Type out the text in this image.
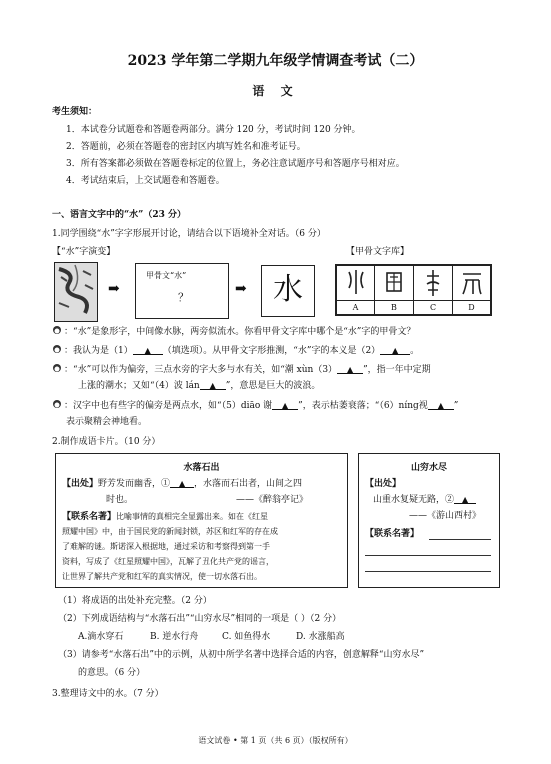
2023 学年第二学期九年级学情调查考试（二）
语 文
考生须知：
1．本试卷分试题卷和答题卷两部分。满分 120 分，考试时间 120 分钟。
2．答题前，必须在答题卷的密封区内填写姓名和准考证号。
3．所有答案都必须做在答题卷标定的位置上，务必注意试题序号和答题序号相对应。
4．考试结束后，上交试题卷和答题卷。
一、语言文字中的“水”（23 分）
1.同学围绕“水”字字形展开讨论，请结合以下语境补全对话。（6 分）
【“水”字演变】	【甲骨文字库】
➡
甲骨文“水”
？
➡ 水
A	B	C	D
：“水”是象形字，中间像水脉，两旁似流水。你看甲骨文字库中哪个是“水”字的甲骨文？
：我认为是（1） ▲ （填选项）。从甲骨文字形推测，“水”字的本义是（2） ▲ 。
：“水”可以作为偏旁，三点水旁的字大多与水有关，如“潮 xùn（3） ▲ ”，指一年中定期
上涨的潮水；又如“（4）波 lán ▲ ”，意思是巨大的波浪。
：汉字中也有些字的偏旁是两点水，如“（5）diāo 谢 ▲ ”，表示枯萎衰落；“（6）níng视 ▲ ”
表示聚精会神地看。
2.制作成语卡片。（10 分）
水落石出
【出处】野芳发而幽香，① ▲ ，水落而石出者，山间之四
时也。	——《醉翁亭记》
【联系名著】比喻事情的真相完全显露出来。如在《红星
照耀中国》中，由于国民党的新闻封锁，苏区和红军的存在成
了难解的谜。斯诺深入根据地，通过采访和考察得到第一手
资料，写成了《红星照耀中国》，瓦解了丑化共产党的谣言，
让世界了解共产党和红军的真实情况，使一切水落石出。
山穷水尽
【出处】
山重水复疑无路，② ▲
——《游山西村》
【联系名著】
（1）将成语的出处补充完整。（2 分）
（2）下列成语结构与“水落石出”“山穷水尽”相同的一项是（ ）（2 分）
A.滴水穿石	B. 逆水行舟	C. 如鱼得水	D. 水涨船高
（3）请参考“水落石出”中的示例，从初中所学名著中选择合适的内容，创意解释“山穷水尽”
的意思。（6 分）
3.整理诗文中的水。（7 分）
语文试卷 • 第 1 页（共 6 页）（版权所有）
